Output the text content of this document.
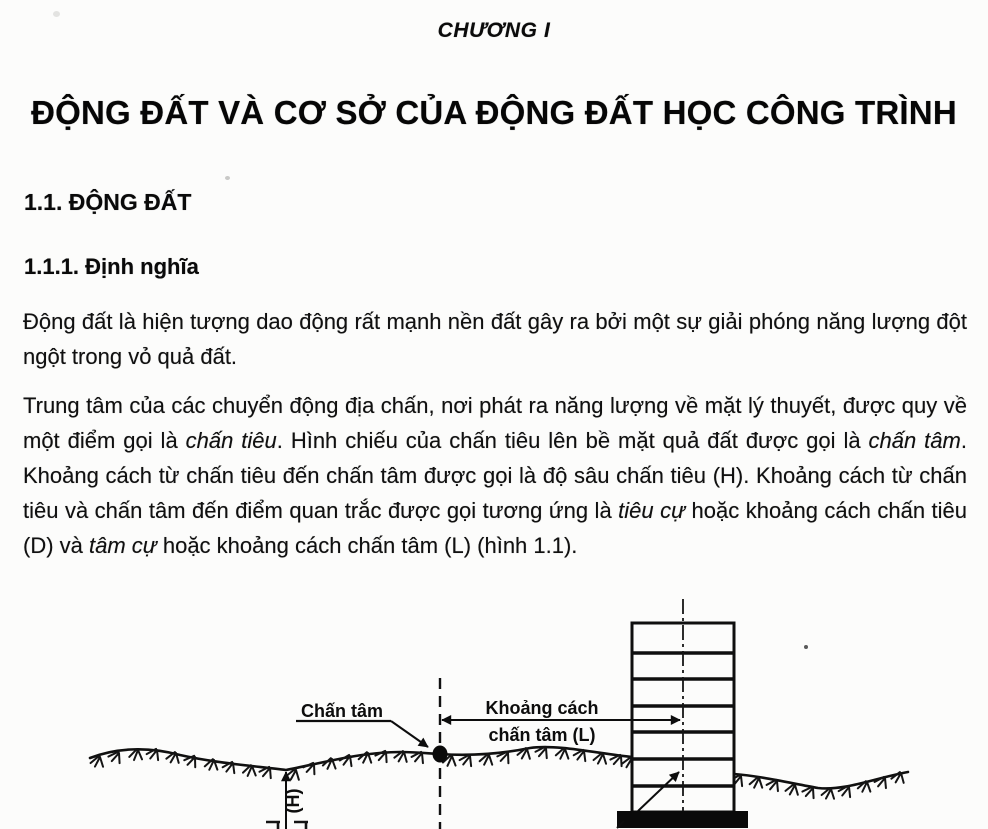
CHƯƠNG I
ĐỘNG ĐẤT VÀ CƠ SỞ CỦA ĐỘNG ĐẤT HỌC CÔNG TRÌNH
1.1. ĐỘNG ĐẤT
1.1.1. Định nghĩa

Động đất là hiện tượng dao động rất mạnh nền đất gây ra bởi một sự giải phóng năng lượng đột ngột trong vỏ quả đất.

Trung tâm của các chuyển động địa chấn, nơi phát ra năng lượng về mặt lý thuyết, được quy về một điểm gọi là chấn tiêu. Hình chiếu của chấn tiêu lên bề mặt quả đất được gọi là chấn tâm. Khoảng cách từ chấn tiêu đến chấn tâm được gọi là độ sâu chấn tiêu (H). Khoảng cách từ chấn tiêu và chấn tâm đến điểm quan trắc được gọi tương ứng là tiêu cự hoặc khoảng cách chấn tiêu (D) và tâm cự hoặc khoảng cách chấn tâm (L) (hình 1.1).

Chấn tâm	Khoảng cách
chấn tâm (L)
(H)
